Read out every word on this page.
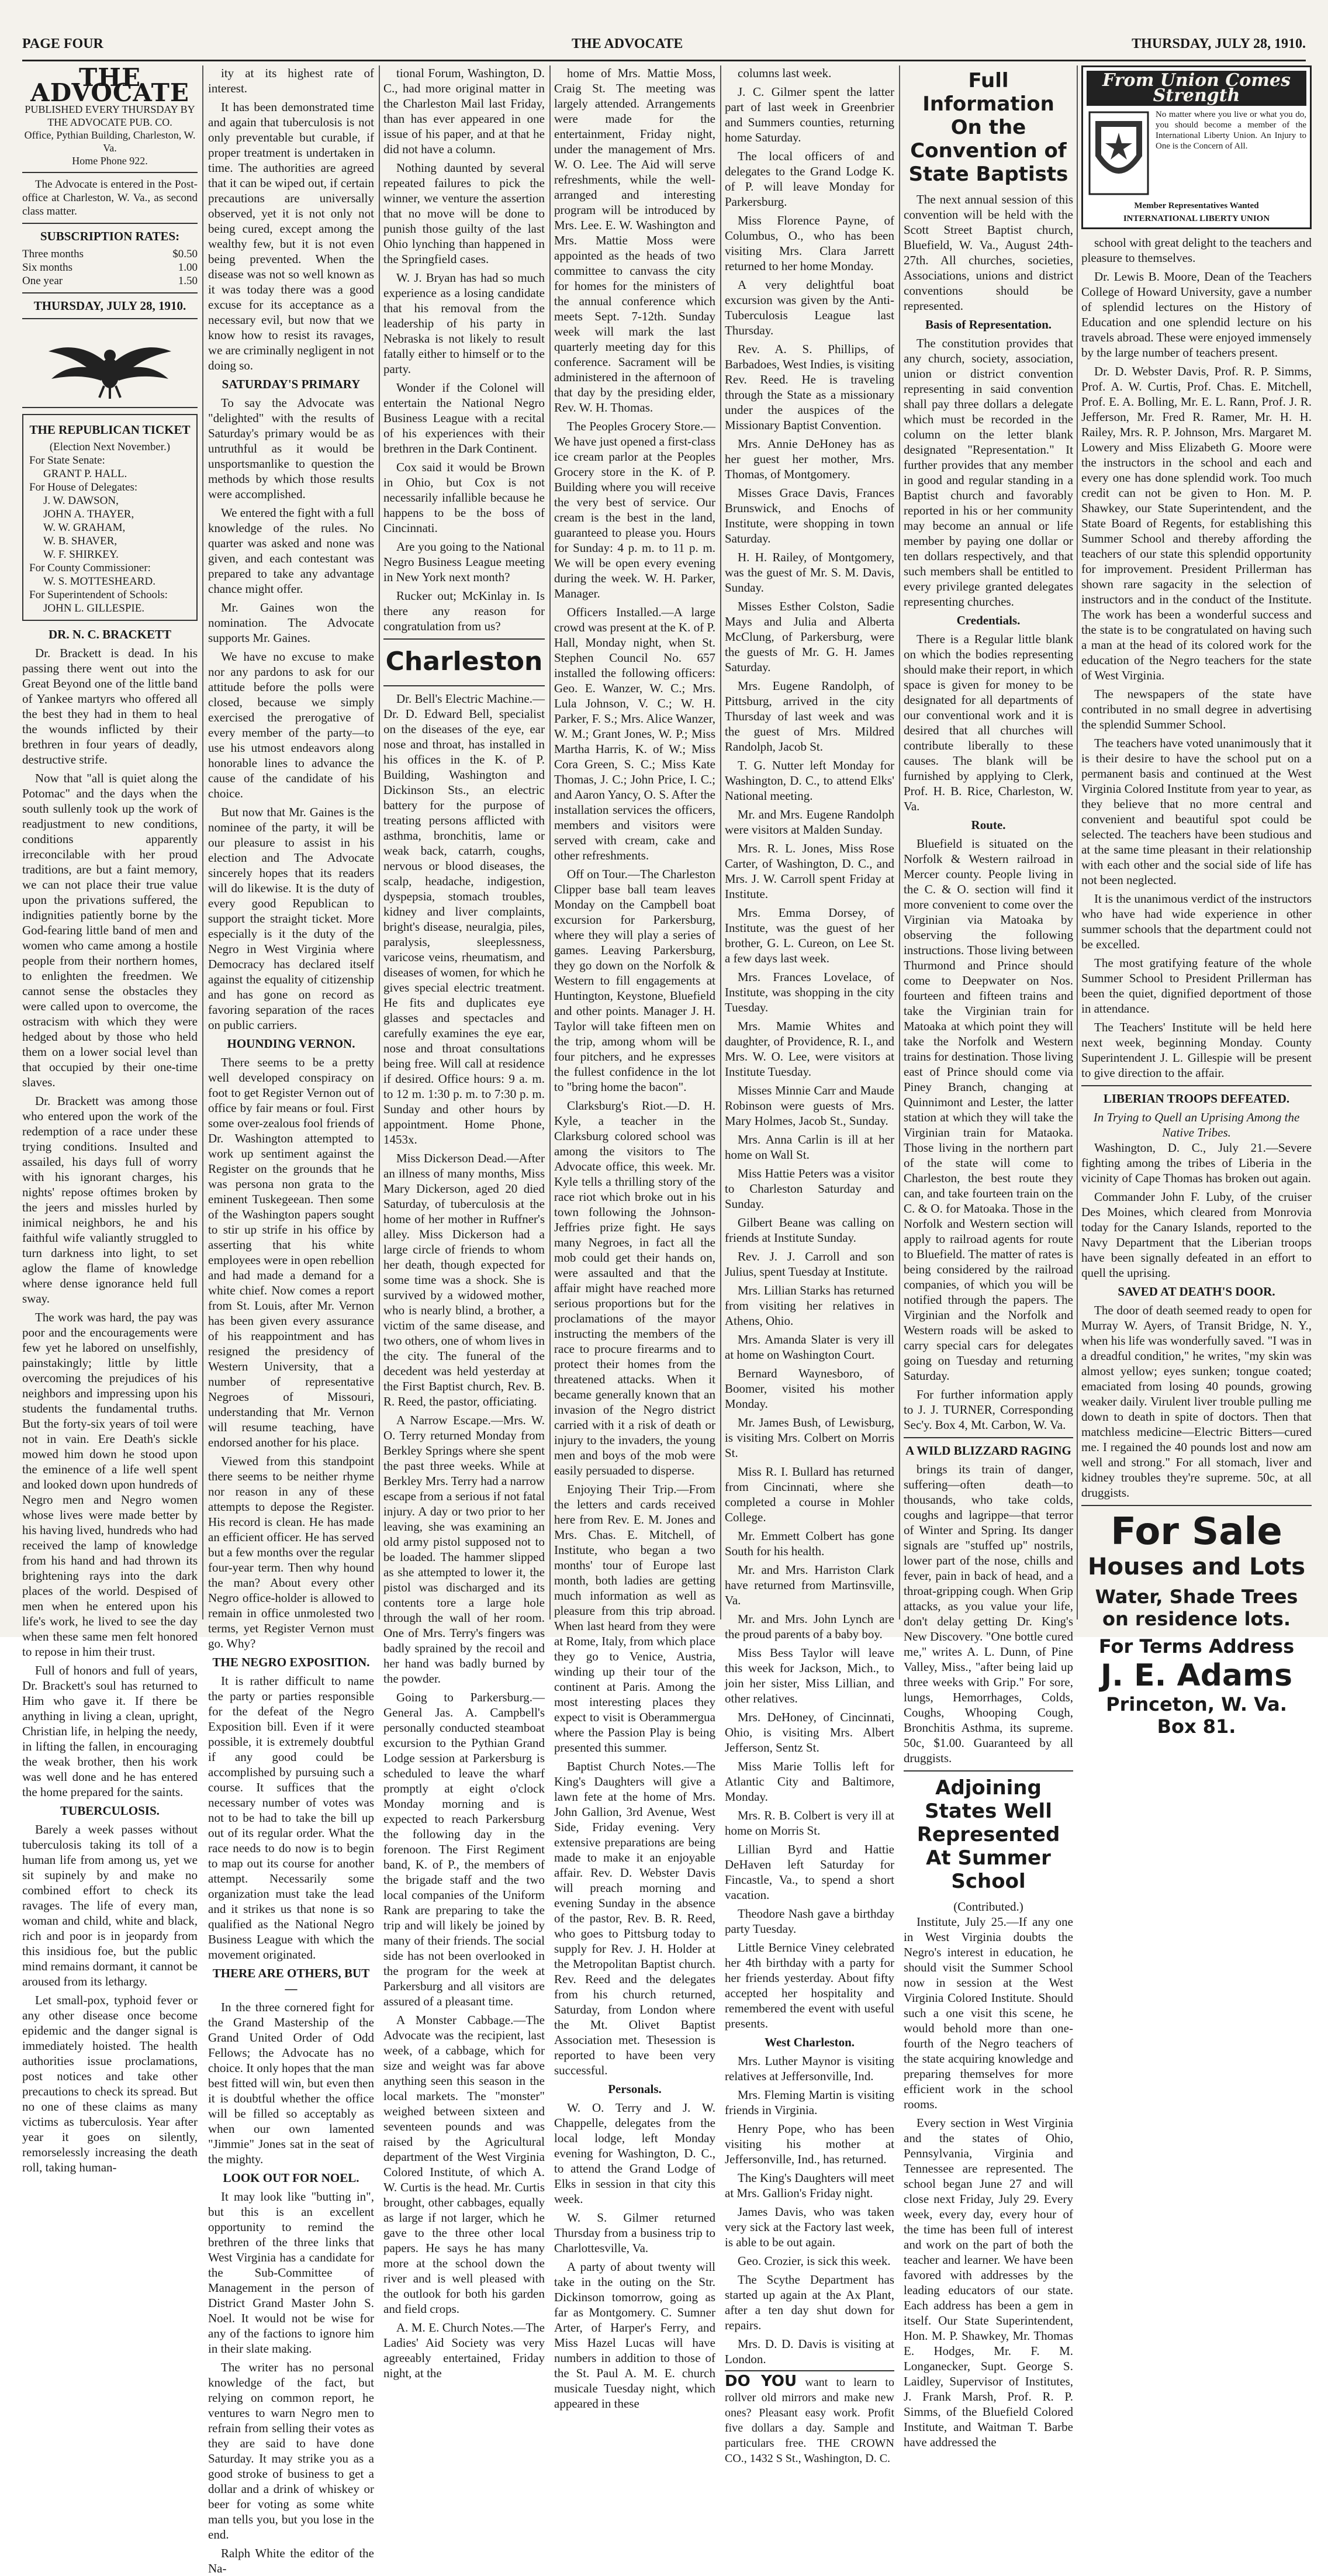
PAGE FOUR	THE ADVOCATE	THURSDAY, JULY 28, 1910.
THE ADVOCATE
PUBLISHED EVERY THURSDAY BY THE ADVOCATE PUB. CO.
Office, Pythian Building, Charleston, W. Va.
Home Phone 922.

The Advocate is entered in the Post-office at Charleston, W. Va., as second class matter.

SUBSCRIPTION RATES:
Three months	$0.50
Six months	1.00
One year	1.50
THURSDAY, JULY 28, 1910.
THE REPUBLICAN TICKET
(Election Next November.)
For State Senate:
GRANT P. HALL.
For House of Delegates:
J. W. DAWSON,
JOHN A. THAYER,
W. W. GRAHAM,
W. B. SHAVER,
W. F. SHIRKEY.
For County Commissioner:
W. S. MOTTESHEARD.
For Superintendent of Schools:
JOHN L. GILLESPIE.
DR. N. C. BRACKETT

Dr. Brackett is dead. In his passing there went out into the Great Beyond one of the little band of Yankee martyrs who offered all the best they had in them to heal the wounds inflicted by their brethren in four years of deadly, destructive strife.

Now that "all is quiet along the Potomac" and the days when the south sullenly took up the work of readjustment to new conditions, conditions apparently irreconcilable with her proud traditions, are but a faint memory, we can not place their true value upon the privations suffered, the indignities patiently borne by the God-fearing little band of men and women who came among a hostile people from their northern homes, to enlighten the freedmen. We cannot sense the obstacles they were called upon to overcome, the ostracism with which they were hedged about by those who held them on a lower social level than that occupied by their one-time slaves.

Dr. Brackett was among those who entered upon the work of the redemption of a race under these trying conditions. Insulted and assailed, his days full of worry with his ignorant charges, his nights' repose oftimes broken by the jeers and missles hurled by inimical neighbors, he and his faithful wife valiantly struggled to turn darkness into light, to set aglow the flame of knowledge where dense ignorance held full sway.

The work was hard, the pay was poor and the encouragements were few yet he labored on unselfishly, painstakingly; little by little overcoming the prejudices of his neighbors and impressing upon his students the fundamental truths. But the forty-six years of toil were not in vain. Ere Death's sickle mowed him down he stood upon the eminence of a life well spent and looked down upon hundreds of Negro men and Negro women whose lives were made better by his having lived, hundreds who had received the lamp of knowledge from his hand and had thrown its brightening rays into the dark places of the world. Despised of men when he entered upon his life's work, he lived to see the day when these same men felt honored to repose in him their trust.

Full of honors and full of years, Dr. Brackett's soul has returned to Him who gave it. If there be anything in living a clean, upright, Christian life, in helping the needy, in lifting the fallen, in encouraging the weak brother, then his work was well done and he has entered the home prepared for the saints.

TUBERCULOSIS.

Barely a week passes without tuberculosis taking its toll of a human life from among us, yet we sit supinely by and make no combined effort to check its ravages. The life of every man, woman and child, white and black, rich and poor is in jeopardy from this insidious foe, but the public mind remains dormant, it cannot be aroused from its lethargy.

Let small-pox, typhoid fever or any other disease once become epidemic and the danger signal is immediately hoisted. The health authorities issue proclamations, post notices and take other precautions to check its spread. But no one of these claims as many victims as tuberculosis. Year after year it goes on silently, remorselessly increasing the death roll, taking human-

ity at its highest rate of interest.

It has been demonstrated time and again that tuberculosis is not only preventable but curable, if proper treatment is undertaken in time. The authorities are agreed that it can be wiped out, if certain precautions are universally observed, yet it is not only not being cured, except among the wealthy few, but it is not even being prevented. When the disease was not so well known as it was today there was a good excuse for its acceptance as a necessary evil, but now that we know how to resist its ravages, we are criminally negligent in not doing so.

SATURDAY'S PRIMARY

To say the Advocate was "delighted" with the results of Saturday's primary would be as untruthful as it would be unsportsmanlike to question the methods by which those results were accomplished.

We entered the fight with a full knowledge of the rules. No quarter was asked and none was given, and each contestant was prepared to take any advantage chance might offer.

Mr. Gaines won the nomination. The Advocate supports Mr. Gaines.

We have no excuse to make nor any pardons to ask for our attitude before the polls were closed, because we simply exercised the prerogative of every member of the party—to use his utmost endeavors along honorable lines to advance the cause of the candidate of his choice.

But now that Mr. Gaines is the nominee of the party, it will be our pleasure to assist in his election and The Advocate sincerely hopes that its readers will do likewise. It is the duty of every good Republican to support the straight ticket. More especially is it the duty of the Negro in West Virginia where Democracy has declared itself against the equality of citizenship and has gone on record as favoring separation of the races on public carriers.

HOUNDING VERNON.

There seems to be a pretty well developed conspiracy on foot to get Register Vernon out of office by fair means or foul. First some over-zealous fool friends of Dr. Washington attempted to work up sentiment against the Register on the grounds that he was persona non grata to the eminent Tuskegeean. Then some of the Washington papers sought to stir up strife in his office by asserting that his white employees were in open rebellion and had made a demand for a white chief. Now comes a report from St. Louis, after Mr. Vernon has been given every assurance of his reappointment and has resigned the presidency of Western University, that a number of representative Negroes of Missouri, understanding that Mr. Vernon will resume teaching, have endorsed another for his place.

Viewed from this standpoint there seems to be neither rhyme nor reason in any of these attempts to depose the Register. His record is clean. He has made an efficient officer. He has served but a few months over the regular four-year term. Then why hound the man? About every other Negro office-holder is allowed to remain in office unmolested two terms, yet Register Vernon must go. Why?

THE NEGRO EXPOSITION.

It is rather difficult to name the party or parties responsible for the defeat of the Negro Exposition bill. Even if it were possible, it is extremely doubtful if any good could be accomplished by pursuing such a course. It suffices that the necessary number of votes was not to be had to take the bill up out of its regular order. What the race needs to do now is to begin to map out its course for another attempt. Necessarily some organization must take the lead and it strikes us that none is so qualified as the National Negro Business League with which the movement originated.

THERE ARE OTHERS, BUT—

In the three cornered fight for the Grand Mastership of the Grand United Order of Odd Fellows; the Advocate has no choice. It only hopes that the man best fitted will win, but even then it is doubtful whether the office will be filled so acceptably as when our own lamented "Jimmie" Jones sat in the seat of the mighty.

LOOK OUT FOR NOEL.

It may look like "butting in", but this is an excellent opportunity to remind the brethren of the three links that West Virginia has a candidate for the Sub-Committee of Management in the person of District Grand Master John S. Noel. It would not be wise for any of the factions to ignore him in their slate making.

The writer has no personal knowledge of the fact, but relying on common report, he ventures to warn Negro men to refrain from selling their votes as they are said to have done Saturday. It may strike you as a good stroke of business to get a dollar and a drink of whiskey or beer for voting as some white man tells you, but you lose in the end.

Ralph White the editor of the Na-

tional Forum, Washington, D. C., had more original matter in the Charleston Mail last Friday, than has ever appeared in one issue of his paper, and at that he did not have a column.

Nothing daunted by several repeated failures to pick the winner, we venture the assertion that no move will be done to punish those guilty of the last Ohio lynching than happened in the Springfield cases.

W. J. Bryan has had so much experience as a losing candidate that his removal from the leadership of his party in Nebraska is not likely to result fatally either to himself or to the party.

Wonder if the Colonel will entertain the National Negro Business League with a recital of his experiences with their brethren in the Dark Continent.

Cox said it would be Brown in Ohio, but Cox is not necessarily infallible because he happens to be the boss of Cincinnati.

Are you going to the National Negro Business League meeting in New York next month?

Rucker out; McKinlay in. Is there any reason for congratulation from us?

Charleston

Dr. Bell's Electric Machine.—Dr. D. Edward Bell, specialist on the diseases of the eye, ear nose and throat, has installed in his offices in the K. of P. Building, Washington and Dickinson Sts., an electric battery for the purpose of treating persons afflicted with asthma, bronchitis, lame or weak back, catarrh, coughs, nervous or blood diseases, the scalp, headache, indigestion, dyspepsia, stomach troubles, kidney and liver complaints, bright's disease, neuralgia, piles, paralysis, sleeplessness, varicose veins, rheumatism, and diseases of women, for which he gives special electric treatment. He fits and duplicates eye glasses and spectacles and carefully examines the eye ear, nose and throat consultations being free. Will call at residence if desired. Office hours: 9 a. m. to 12 m. 1:30 p. m. to 7:30 p. m. Sunday and other hours by appointment. Home Phone, 1453x.

Miss Dickerson Dead.—After an illness of many months, Miss Mary Dickerson, aged 20 died Saturday, of tuberculosis at the home of her mother in Ruffner's alley. Miss Dickerson had a large circle of friends to whom her death, though expected for some time was a shock. She is survived by a widowed mother, who is nearly blind, a brother, a victim of the same disease, and two others, one of whom lives in the city. The funeral of the decedent was held yesterday at the First Baptist church, Rev. B. R. Reed, the pastor, officiating.

A Narrow Escape.—Mrs. W. O. Terry returned Monday from Berkley Springs where she spent the past three weeks. While at Berkley Mrs. Terry had a narrow escape from a serious if not fatal injury. A day or two prior to her leaving, she was examining an old army pistol supposed not to be loaded. The hammer slipped as she attempted to lower it, the pistol was discharged and its contents tore a large hole through the wall of her room. One of Mrs. Terry's fingers was badly sprained by the recoil and her hand was badly burned by the powder.

Going to Parkersburg.—General Jas. A. Campbell's personally conducted steamboat excursion to the Pythian Grand Lodge session at Parkersburg is scheduled to leave the wharf promptly at eight o'clock Monday morning and is expected to reach Parkersburg the following day in the forenoon. The First Regiment band, K. of P., the members of the brigade staff and the two local companies of the Uniform Rank are preparing to take the trip and will likely be joined by many of their friends. The social side has not been overlooked in the program for the week at Parkersburg and all visitors are assured of a pleasant time.

A Monster Cabbage.—The Advocate was the recipient, last week, of a cabbage, which for size and weight was far above anything seen this season in the local markets. The "monster" weighed between sixteen and seventeen pounds and was raised by the Agricultural department of the West Virginia Colored Institute, of which A. W. Curtis is the head. Mr. Curtis brought, other cabbages, equally as large if not larger, which he gave to the three other local papers. He says he has many more at the school down the river and is well pleased with the outlook for both his garden and field crops.

A. M. E. Church Notes.—The Ladies' Aid Society was very agreeably entertained, Friday night, at the

home of Mrs. Mattie Moss, Craig St. The meeting was largely attended. Arrangements were made for the entertainment, Friday night, under the management of Mrs. W. O. Lee. The Aid will serve refreshments, while the well-arranged and interesting program will be introduced by Mrs. Lee. E. W. Washington and Mrs. Mattie Moss were appointed as the heads of two committee to canvass the city for homes for the ministers of the annual conference which meets Sept. 7-12th. Sunday week will mark the last quarterly meeting day for this conference. Sacrament will be administered in the afternoon of that day by the presiding elder, Rev. W. H. Thomas.

The Peoples Grocery Store.—We have just opened a first-class ice cream parlor at the Peoples Grocery store in the K. of P. Building where you will receive the very best of service. Our cream is the best in the land, guaranteed to please you. Hours for Sunday: 4 p. m. to 11 p. m. We will be open every evening during the week. W. H. Parker, Manager.

Officers Installed.—A large crowd was present at the K. of P. Hall, Monday night, when St. Stephen Council No. 657 installed the following officers: Geo. E. Wanzer, W. C.; Mrs. Lula Johnson, V. C.; W. H. Parker, F. S.; Mrs. Alice Wanzer, W. M.; Grant Jones, W. P.; Miss Martha Harris, K. of W.; Miss Cora Green, S. C.; Miss Kate Thomas, J. C.; John Price, I. C.; and Aaron Yancy, O. S. After the installation services the officers, members and visitors were served with cream, cake and other refreshments.

Off on Tour.—The Charleston Clipper base ball team leaves Monday on the Campbell boat excursion for Parkersburg, where they will play a series of games. Leaving Parkersburg, they go down on the Norfolk & Western to fill engagements at Huntington, Keystone, Bluefield and other points. Manager J. H. Taylor will take fifteen men on the trip, among whom will be four pitchers, and he expresses the fullest confidence in the lot to "bring home the bacon".

Clarksburg's Riot.—D. H. Kyle, a teacher in the Clarksburg colored school was among the visitors to The Advocate office, this week. Mr. Kyle tells a thrilling story of the race riot which broke out in his town following the Johnson-Jeffries prize fight. He says many Negroes, in fact all the mob could get their hands on, were assaulted and that the affair might have reached more serious proportions but for the proclamations of the mayor instructing the members of the race to procure firearms and to protect their homes from the threatened attacks. When it became generally known that an invasion of the Negro district carried with it a risk of death or injury to the invaders, the young men and boys of the mob were easily persuaded to disperse.

Enjoying Their Trip.—From the letters and cards received here from Rev. E. M. Jones and Mrs. Chas. E. Mitchell, of Institute, who began a two months' tour of Europe last month, both ladies are getting much information as well as pleasure from this trip abroad. When last heard from they were at Rome, Italy, from which place they go to Venice, Austria, winding up their tour of the continent at Paris. Among the most interesting places they expect to visit is Oberammergua where the Passion Play is being presented this summer.

Baptist Church Notes.—The King's Daughters will give a lawn fete at the home of Mrs. John Gallion, 3rd Avenue, West Side, Friday evening. Very extensive preparations are being made to make it an enjoyable affair. Rev. D. Webster Davis will preach morning and evening Sunday in the absence of the pastor, Rev. B. R. Reed, who goes to Pittsburg today to supply for Rev. J. H. Holder at the Metropolitan Baptist church. Rev. Reed and the delegates from his church returned, Saturday, from London where the Mt. Olivet Baptist Association met. Thesession is reported to have been very successful.

Personals.

W. O. Terry and J. W. Chappelle, delegates from the local lodge, left Monday evening for Washington, D. C., to attend the Grand Lodge of Elks in session in that city this week.

W. S. Gilmer returned Thursday from a business trip to Charlottesville, Va.

A party of about twenty will take in the outing on the Str. Dickinson tomorrow, going as far as Montgomery. C. Sumner Arter, of Harper's Ferry, and Miss Hazel Lucas will have numbers in addition to those of the St. Paul A. M. E. church musicale Tuesday night, which appeared in these

columns last week.

J. C. Gilmer spent the latter part of last week in Greenbrier and Summers counties, returning home Saturday.

The local officers of and delegates to the Grand Lodge K. of P. will leave Monday for Parkersburg.

Miss Florence Payne, of Columbus, O., who has been visiting Mrs. Clara Jarrett returned to her home Monday.

A very delightful boat excursion was given by the Anti-Tuberculosis League last Thursday.

Rev. A. S. Phillips, of Barbadoes, West Indies, is visiting Rev. Reed. He is traveling through the State as a missionary under the auspices of the Missionary Baptist Convention.

Mrs. Annie DeHoney has as her guest her mother, Mrs. Thomas, of Montgomery.

Misses Grace Davis, Frances Brunswick, and Enochs of Institute, were shopping in town Saturday.

H. H. Railey, of Montgomery, was the guest of Mr. S. M. Davis, Sunday.

Misses Esther Colston, Sadie Mays and Julia and Alberta McClung, of Parkersburg, were the guests of Mr. G. H. James Saturday.

Mrs. Eugene Randolph, of Pittsburg, arrived in the city Thursday of last week and was the guest of Mrs. Mildred Randolph, Jacob St.

T. G. Nutter left Monday for Washington, D. C., to attend Elks' National meeting.

Mr. and Mrs. Eugene Randolph were visitors at Malden Sunday.

Mrs. R. L. Jones, Miss Rose Carter, of Washington, D. C., and Mrs. J. W. Carroll spent Friday at Institute.

Mrs. Emma Dorsey, of Institute, was the guest of her brother, G. L. Cureon, on Lee St. a few days last week.

Mrs. Frances Lovelace, of Institute, was shopping in the city Tuesday.

Mrs. Mamie Whites and daughter, of Providence, R. I., and Mrs. W. O. Lee, were visitors at Institute Tuesday.

Misses Minnie Carr and Maude Robinson were guests of Mrs. Mary Holmes, Jacob St., Sunday.

Mrs. Anna Carlin is ill at her home on Wall St.

Miss Hattie Peters was a visitor to Charleston Saturday and Sunday.

Gilbert Beane was calling on friends at Institute Sunday.

Rev. J. J. Carroll and son Julius, spent Tuesday at Institute.

Mrs. Lillian Starks has returned from visiting her relatives in Athens, Ohio.

Mrs. Amanda Slater is very ill at home on Washington Court.

Bernard Waynesboro, of Boomer, visited his mother Monday.

Mr. James Bush, of Lewisburg, is visiting Mrs. Colbert on Morris St.

Miss R. I. Bullard has returned from Cincinnati, where she completed a course in Mohler College.

Mr. Emmett Colbert has gone South for his health.

Mr. and Mrs. Harriston Clark have returned from Martinsville, Va.

Mr. and Mrs. John Lynch are the proud parents of a baby boy.

Miss Bess Taylor will leave this week for Jackson, Mich., to join her sister, Miss Lillian, and other relatives.

Mrs. DeHoney, of Cincinnati, Ohio, is visiting Mrs. Albert Jefferson, Sentz St.

Miss Marie Tollis left for Atlantic City and Baltimore, Monday.

Mrs. R. B. Colbert is very ill at home on Morris St.

Lillian Byrd and Hattie DeHaven left Saturday for Fincastle, Va., to spend a short vacation.

Theodore Nash gave a birthday party Tuesday.

Little Bernice Viney celebrated her 4th birthday with a party for her friends yesterday. About fifty accepted her hospitality and remembered the event with useful presents.

West Charleston.

Mrs. Luther Maynor is visiting relatives at Jeffersonville, Ind.

Mrs. Fleming Martin is visiting friends in Virginia.

Henry Pope, who has been visiting his mother at Jeffersonville, Ind., has returned.

The King's Daughters will meet at Mrs. Gallion's Friday night.

James Davis, who was taken very sick at the Factory last week, is able to be out again.

Geo. Crozier, is sick this week.

The Scythe Department has started up again at the Ax Plant, after a ten day shut down for repairs.

Mrs. D. D. Davis is visiting at London.

DO YOU want to learn to rollver old mirrors and make new ones? Pleasant easy work. Profit five dollars a day. Sample and particulars free. THE CROWN CO., 1432 S St., Washington, D. C.
Full Information On the Convention of State Baptists

The next annual session of this convention will be held with the Scott Street Baptist church, Bluefield, W. Va., August 24th-27th. All churches, societies, Associations, unions and district conventions should be represented.

Basis of Representation.

The constitution provides that any church, society, association, union or district convention representing in said convention shall pay three dollars a delegate which must be recorded in the column on the letter blank designated "Representation." It further provides that any member in good and regular standing in a Baptist church and favorably reported in his or her community may become an annual or life member by paying one dollar or ten dollars respectively, and that such members shall be entitled to every privilege granted delegates representing churches.

Credentials.

There is a Regular little blank on which the bodies representing should make their report, in which space is given for money to be designated for all departments of our conventional work and it is desired that all churches will contribute liberally to these causes. The blank will be furnished by applying to Clerk, Prof. H. B. Rice, Charleston, W. Va.

Route.

Bluefield is situated on the Norfolk & Western railroad in Mercer county. People living in the C. & O. section will find it more convenient to come over the Virginian via Matoaka by observing the following instructions. Those living between Thurmond and Prince should come to Deepwater on Nos. fourteen and fifteen trains and take the Virginian train for Matoaka at which point they will take the Norfolk and Western trains for destination. Those living east of Prince should come via Piney Branch, changing at Quinnimont and Lester, the latter station at which they will take the Virginian train for Mataoka. Those living in the northern part of the state will come to Charleston, the best route they can, and take fourteen train on the C. & O. for Matoaka. Those in the Norfolk and Western section will apply to railroad agents for route to Bluefield. The matter of rates is being considered by the railroad companies, of which you will be notified through the papers. The Virginian and the Norfolk and Western roads will be asked to carry special cars for delegates going on Tuesday and returning Saturday.

For further information apply to J. J. TURNER, Corresponding Sec'y. Box 4, Mt. Carbon, W. Va.

A WILD BLIZZARD RAGING

brings its train of danger, suffering—often death—to thousands, who take colds, coughs and lagrippe—that terror of Winter and Spring. Its danger signals are "stuffed up" nostrils, lower part of the nose, chills and fever, pain in back of head, and a throat-gripping cough. When Grip attacks, as you value your life, don't delay getting Dr. King's New Discovery. "One bottle cured me," writes A. L. Dunn, of Pine Valley, Miss., "after being laid up three weeks with Grip." For sore, lungs, Hemorrhages, Colds, Coughs, Whooping Cough, Bronchitis Asthma, its supreme. 50c, $1.00. Guaranteed by all druggists.

Adjoining States Well Represented At Summer School
(Contributed.)

Institute, July 25.—If any one in West Virginia doubts the Negro's interest in education, he should visit the Summer School now in session at the West Virginia Colored Institute. Should such a one visit this scene, he would behold more than one-fourth of the Negro teachers of the state acquiring knowledge and preparing themselves for more efficient work in the school rooms.

Every section in West Virginia and the states of Ohio, Pennsylvania, Virginia and Tennessee are represented. The school began June 27 and will close next Friday, July 29. Every week, every day, every hour of the time has been full of interest and work on the part of both the teacher and learner. We have been favored with addresses by the leading educators of our state. Each address has been a gem in itself. Our State Superintendent, Hon. M. P. Shawkey, Mr. Thomas E. Hodges, Mr. F. M. Longanecker, Supt. George S. Laidley, Supervisor of Institutes, J. Frank Marsh, Prof. R. P. Simms, of the Bluefield Colored Institute, and Waitman T. Barbe have addressed the

From Union Comes Strength
No matter where you live or what you do, you should become a member of the International Liberty Union. An Injury to One is the Concern of All.
Member Representatives Wanted
INTERNATIONAL LIBERTY UNION

school with great delight to the teachers and pleasure to themselves.

Dr. Lewis B. Moore, Dean of the Teachers College of Howard University, gave a number of splendid lectures on the History of Education and one splendid lecture on his travels abroad. These were enjoyed immensely by the large number of teachers present.

Dr. D. Webster Davis, Prof. R. P. Simms, Prof. A. W. Curtis, Prof. Chas. E. Mitchell, Prof. E. A. Bolling, Mr. E. L. Rann, Prof. J. R. Jefferson, Mr. Fred R. Ramer, Mr. H. H. Railey, Mrs. R. P. Johnson, Mrs. Margaret M. Lowery and Miss Elizabeth G. Moore were the instructors in the school and each and every one has done splendid work. Too much credit can not be given to Hon. M. P. Shawkey, our State Superintendent, and the State Board of Regents, for establishing this Summer School and thereby affording the teachers of our state this splendid opportunity for improvement. President Prillerman has shown rare sagacity in the selection of instructors and in the conduct of the Institute. The work has been a wonderful success and the state is to be congratulated on having such a man at the head of its colored work for the education of the Negro teachers for the state of West Virginia.

The newspapers of the state have contributed in no small degree in advertising the splendid Summer School.

The teachers have voted unanimously that it is their desire to have the school put on a permanent basis and continued at the West Virginia Colored Institute from year to year, as they believe that no more central and convenient and beautiful spot could be selected. The teachers have been studious and at the same time pleasant in their relationship with each other and the social side of life has not been neglected.

It is the unanimous verdict of the instructors who have had wide experience in other summer schools that the department could not be excelled.

The most gratifying feature of the whole Summer School to President Prillerman has been the quiet, dignified deportment of those in attendance.

The Teachers' Institute will be held here next week, beginning Monday. County Superintendent J. L. Gillespie will be present to give direction to the affair.

LIBERIAN TROOPS DEFEATED.
In Trying to Quell an Uprising Among the Native Tribes.

Washington, D. C., July 21.—Severe fighting among the tribes of Liberia in the vicinity of Cape Thomas has broken out again.

Commander John F. Luby, of the cruiser Des Moines, which cleared from Monrovia today for the Canary Islands, reported to the Navy Department that the Liberian troops have been signally defeated in an effort to quell the uprising.

SAVED AT DEATH'S DOOR.

The door of death seemed ready to open for Murray W. Ayers, of Transit Bridge, N. Y., when his life was wonderfully saved. "I was in a dreadful condition," he writes, "my skin was almost yellow; eyes sunken; tongue coated; emaciated from losing 40 pounds, growing weaker daily. Virulent liver trouble pulling me down to death in spite of doctors. Then that matchless medicine—Electric Bitters—cured me. I regained the 40 pounds lost and now am well and strong." For all stomach, liver and kidney troubles they're supreme. 50c, at all druggists.

For Sale
Houses and Lots
Water, Shade Trees on residence lots.
For Terms Address
J. E. Adams
Princeton, W. Va.
Box 81.
